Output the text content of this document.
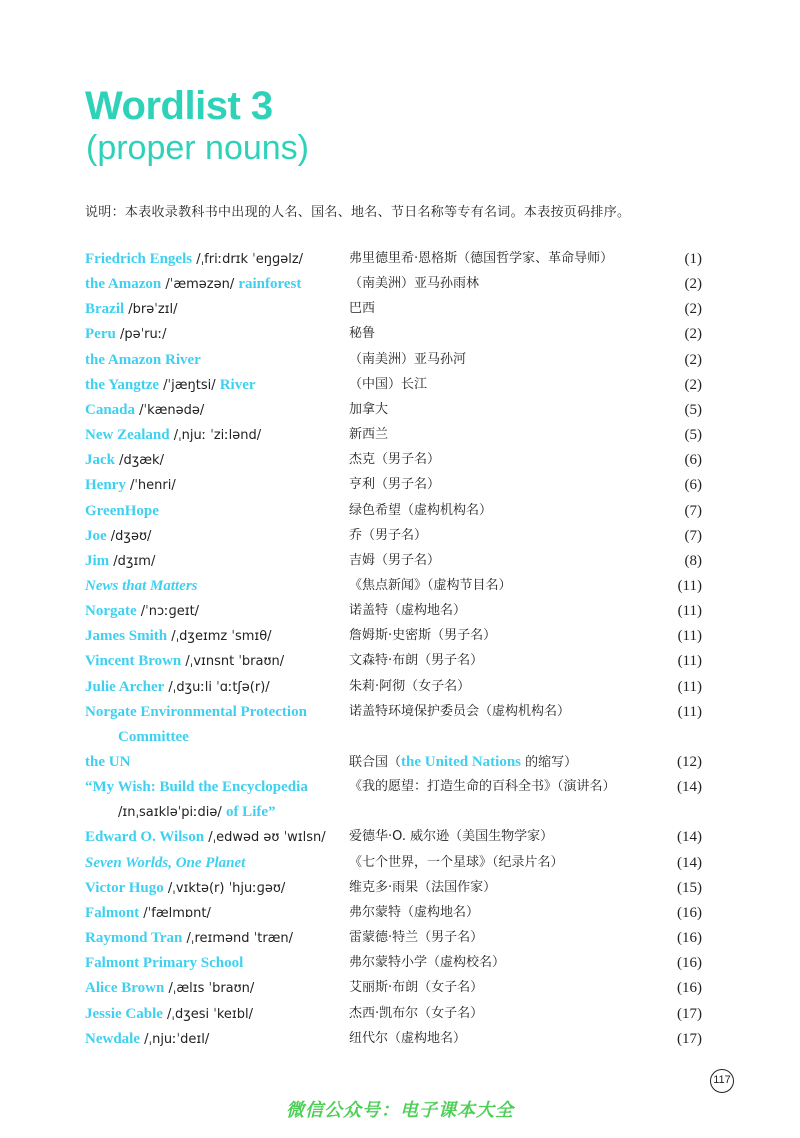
Wordlist 3
(proper nouns)
说明：本表收录教科书中出现的人名、国名、地名、节日名称等专有名词。本表按页码排序。
Friedrich Engels /ˌfriːdrɪk ˈeŋɡəlz/	弗里德里希·恩格斯（德国哲学家、革命导师）	(1)
the Amazon /ˈæməzən/ rainforest	（南美洲）亚马孙雨林	(2)
Brazil /brəˈzɪl/	巴西	(2)
Peru /pəˈruː/	秘鲁	(2)
the Amazon River	（南美洲）亚马孙河	(2)
the Yangtze /ˈjæŋtsi/ River	（中国）长江	(2)
Canada /ˈkænədə/	加拿大	(5)
New Zealand /ˌnjuː ˈziːlənd/	新西兰	(5)
Jack /dʒæk/	杰克（男子名）	(6)
Henry /ˈhenri/	亨利（男子名）	(6)
GreenHope	绿色希望（虚构机构名）	(7)
Joe /dʒəʊ/	乔（男子名）	(7)
Jim /dʒɪm/	吉姆（男子名）	(8)
News that Matters	《焦点新闻》（虚构节目名）	(11)
Norgate /ˈnɔːɡeɪt/	诺盖特（虚构地名）	(11)
James Smith /ˌdʒeɪmz ˈsmɪθ/	詹姆斯·史密斯（男子名）	(11)
Vincent Brown /ˌvɪnsnt ˈbraʊn/	文森特·布朗（男子名）	(11)
Julie Archer /ˌdʒuːli ˈɑːtʃə(r)/	朱莉·阿彻（女子名）	(11)
Norgate Environmental Protection	诺盖特环境保护委员会（虚构机构名）	(11)
Committee
the UN	联合国（the United Nations 的缩写）	(12)
“My Wish: Build the Encyclopedia	《我的愿望：打造生命的百科全书》（演讲名）	(14)
/ɪnˌsaɪkləˈpiːdiə/ of Life”
Edward O. Wilson /ˌedwəd əʊ ˈwɪlsn/ 爱德华·O. 威尔逊（美国生物学家）	(14)
Seven Worlds, One Planet	《七个世界，一个星球》（纪录片名）	(14)
Victor Hugo /ˌvɪktə(r) ˈhjuːɡəʊ/	维克多·雨果（法国作家）	(15)
Falmont /ˈfælmɒnt/	弗尔蒙特（虚构地名）	(16)
Raymond Tran /ˌreɪmənd ˈtræn/	雷蒙德·特兰（男子名）	(16)
Falmont Primary School	弗尔蒙特小学（虚构校名）	(16)
Alice Brown /ˌælɪs ˈbraʊn/	艾丽斯·布朗（女子名）	(16)
Jessie Cable /ˌdʒesi ˈkeɪbl/	杰西·凯布尔（女子名）	(17)
Newdale /ˌnjuːˈdeɪl/	纽代尔（虚构地名）	(17)
117
微信公众号：电子课本大全
